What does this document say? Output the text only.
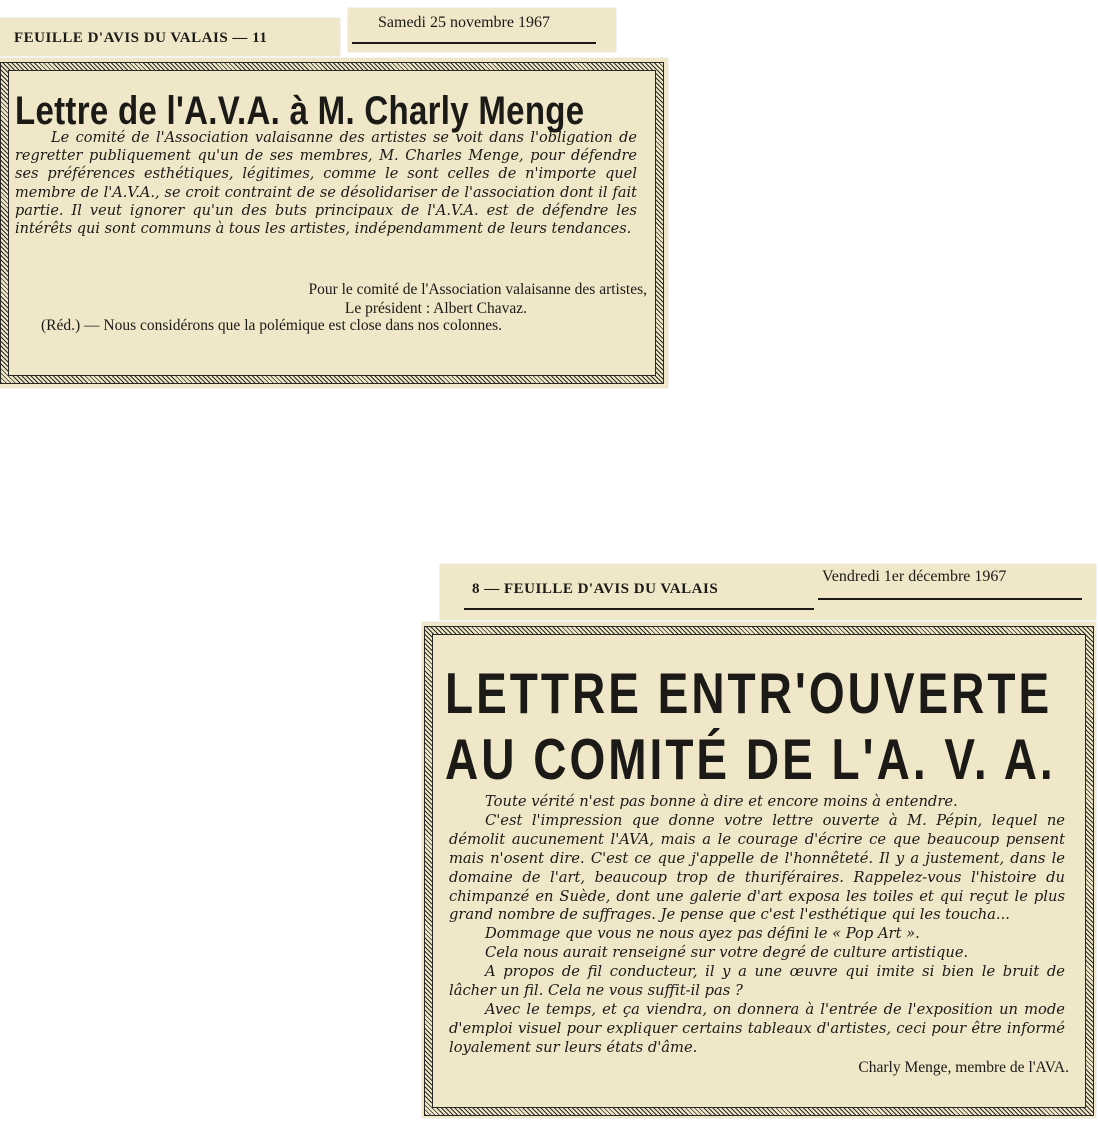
FEUILLE D'AVIS DU VALAIS — 11
Samedi 25 novembre 1967
Lettre de l'A.V.A. à M. Charly Menge

Le comité de l'Association valaisanne des artistes se voit dans l'obligation de regretter publiquement qu'un de ses membres, M. Charles Menge, pour défendre ses préférences esthétiques, légitimes, comme le sont celles de n'importe quel membre de l'A.V.A., se croit contraint de se désolidariser de l'association dont il fait partie. Il veut ignorer qu'un des buts principaux de l'A.V.A. est de défendre les intérêts qui sont communs à tous les artistes, indépendamment de leurs tendances.

Pour le comité de l'Association valaisanne des artistes,
Le président : Albert Chavaz.
(Réd.) — Nous considérons que la polémique est close dans nos colonnes.
8 — FEUILLE D'AVIS DU VALAIS
Vendredi 1er décembre 1967
LETTRE ENTR'OUVERTE
AU COMITÉ DE L'A. V. A.

Toute vérité n'est pas bonne à dire et encore moins à entendre.

C'est l'impression que donne votre lettre ouverte à M. Pépin, lequel ne démolit aucunement l'AVA, mais a le courage d'écrire ce que beaucoup pensent mais n'osent dire. C'est ce que j'appelle de l'honnêteté. Il y a justement, dans le domaine de l'art, beaucoup trop de thuriféraires. Rappelez-vous l'histoire du chimpanzé en Suède, dont une galerie d'art exposa les toiles et qui reçut le plus grand nombre de suffrages. Je pense que c'est l'esthétique qui les toucha...

Dommage que vous ne nous ayez pas défini le « Pop Art ».

Cela nous aurait renseigné sur votre degré de culture artistique.

A propos de fil conducteur, il y a une œuvre qui imite si bien le bruit de lâcher un fil. Cela ne vous suffit-il pas ?

Avec le temps, et ça viendra, on donnera à l'entrée de l'exposition un mode d'emploi visuel pour expliquer certains tableaux d'artistes, ceci pour être informé loyalement sur leurs états d'âme.

Charly Menge, membre de l'AVA.
